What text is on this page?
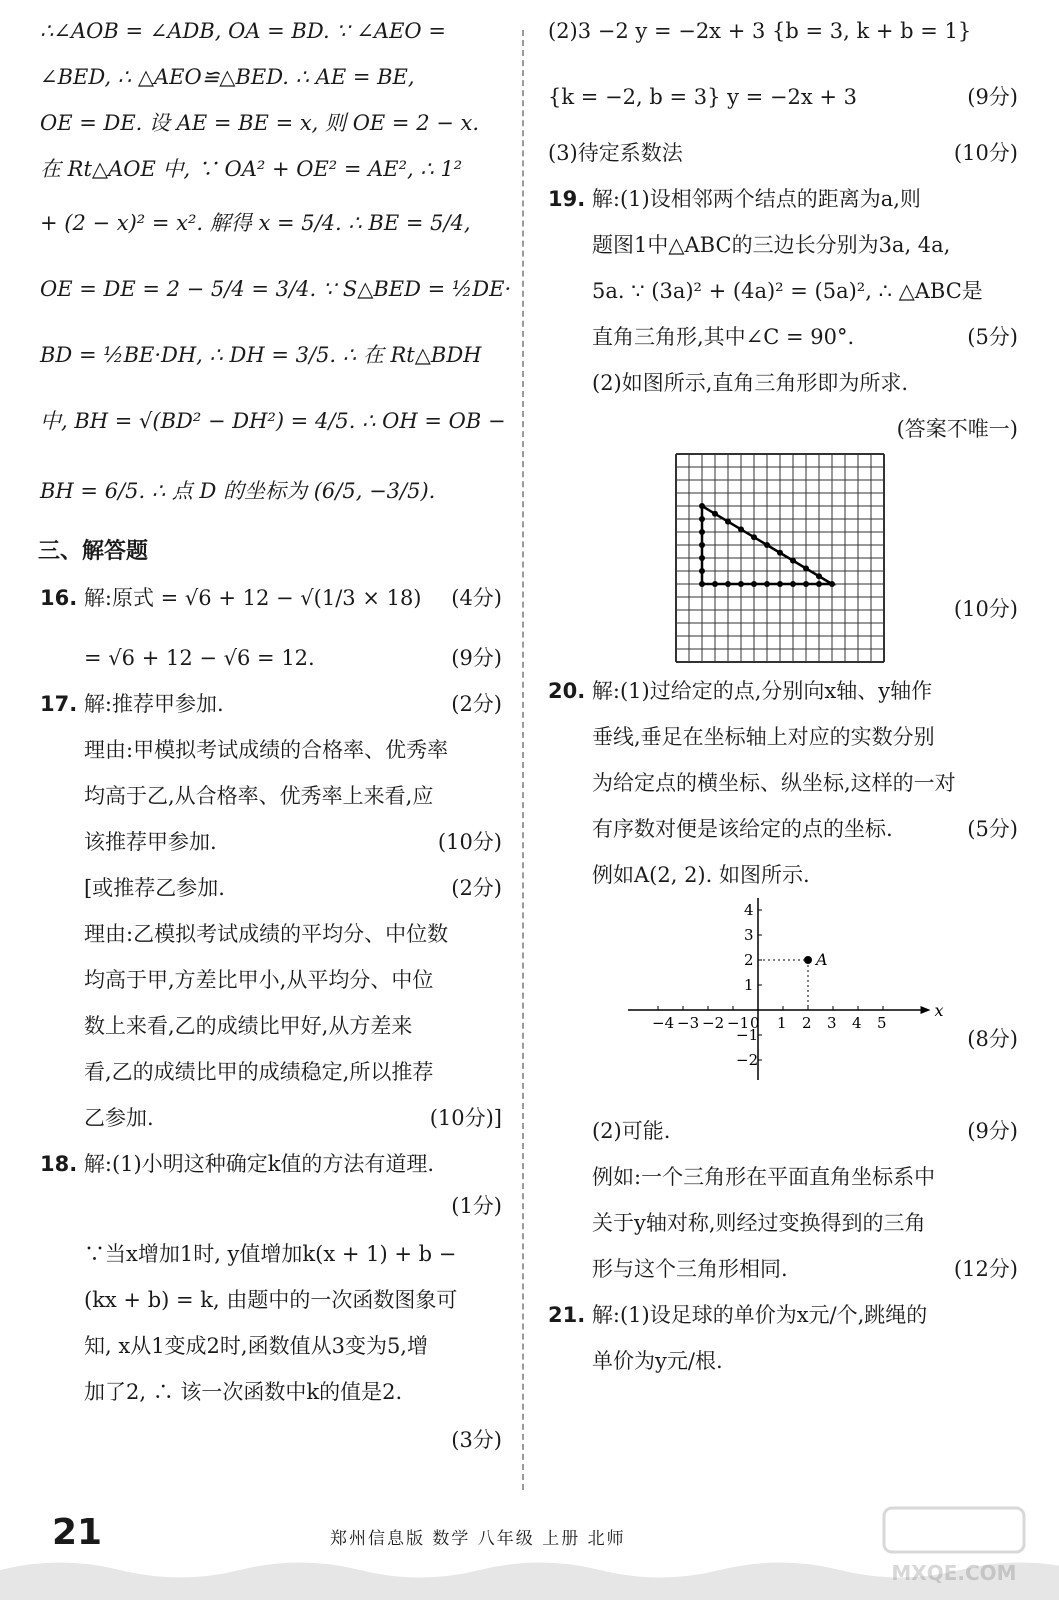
∴∠AOB = ∠ADB, OA = BD. ∵ ∠AEO =

∠BED, ∴ △AEO≌△BED. ∴ AE = BE,

OE = DE. 设 AE = BE = x, 则 OE = 2 − x.

在 Rt△AOE 中, ∵ OA² + OE² = AE², ∴ 1²

+ (2 − x)² = x². 解得 x = 5/4. ∴ BE = 5/4,

OE = DE = 2 − 5/4 = 3/4. ∵ S△BED = ½DE·

BD = ½BE·DH, ∴ DH = 3/5. ∴ 在 Rt△BDH

中, BH = √(BD² − DH²) = 4/5. ∴ OH = OB −

BH = 6/5. ∴ 点 D 的坐标为 (6/5, −3/5).

三、解答题

16. 解:原式 = √6 + 12 − √(1/3 × 18) (4分)

= √6 + 12 − √6 = 12.	(9分)

17. 解:推荐甲参加.	(2分)

理由:甲模拟考试成绩的合格率、优秀率

均高于乙,从合格率、优秀率上来看,应

该推荐甲参加.	(10分)

[或推荐乙参加.	(2分)

理由:乙模拟考试成绩的平均分、中位数

均高于甲,方差比甲小,从平均分、中位

数上来看,乙的成绩比甲好,从方差来

看,乙的成绩比甲的成绩稳定,所以推荐

乙参加.	(10分)]

18. 解:(1)小明这种确定k值的方法有道理.

(1分)

∵当x增加1时, y值增加k(x + 1) + b −

(kx + b) = k, 由题中的一次函数图象可

知, x从1变成2时,函数值从3变为5,增

加了2, ∴ 该一次函数中k的值是2.

(3分)

(2)3 −2 y = −2x + 3 {b = 3, k + b = 1}

{k = −2, b = 3} y = −2x + 3	(9分)

(3)待定系数法	(10分)

19. 解:(1)设相邻两个结点的距离为a,则

题图1中△ABC的三边长分别为3a, 4a,

5a. ∵ (3a)² + (4a)² = (5a)², ∴ △ABC是

直角三角形,其中∠C = 90°.	(5分)

(2)如图所示,直角三角形即为所求.

(答案不唯一)

(10分)

20. 解:(1)过给定的点,分别向x轴、y轴作

垂线,垂足在坐标轴上对应的实数分别

为给定点的横坐标、纵坐标,这样的一对

有序数对便是该给定的点的坐标.	(5分)

例如A(2, 2). 如图所示.

x
−4 −3 −2 −1 0 1 2 3 4 5
4
3
2
1
−1
−2
A
(8分)

(2)可能.	(9分)

例如:一个三角形在平面直角坐标系中

关于y轴对称,则经过变换得到的三角

形与这个三角形相同.	(12分)

21. 解:(1)设足球的单价为x元/个,跳绳的

单价为y元/根.

21	郑州信息版 数学 八年级 上册 北师
MXQE.COM
